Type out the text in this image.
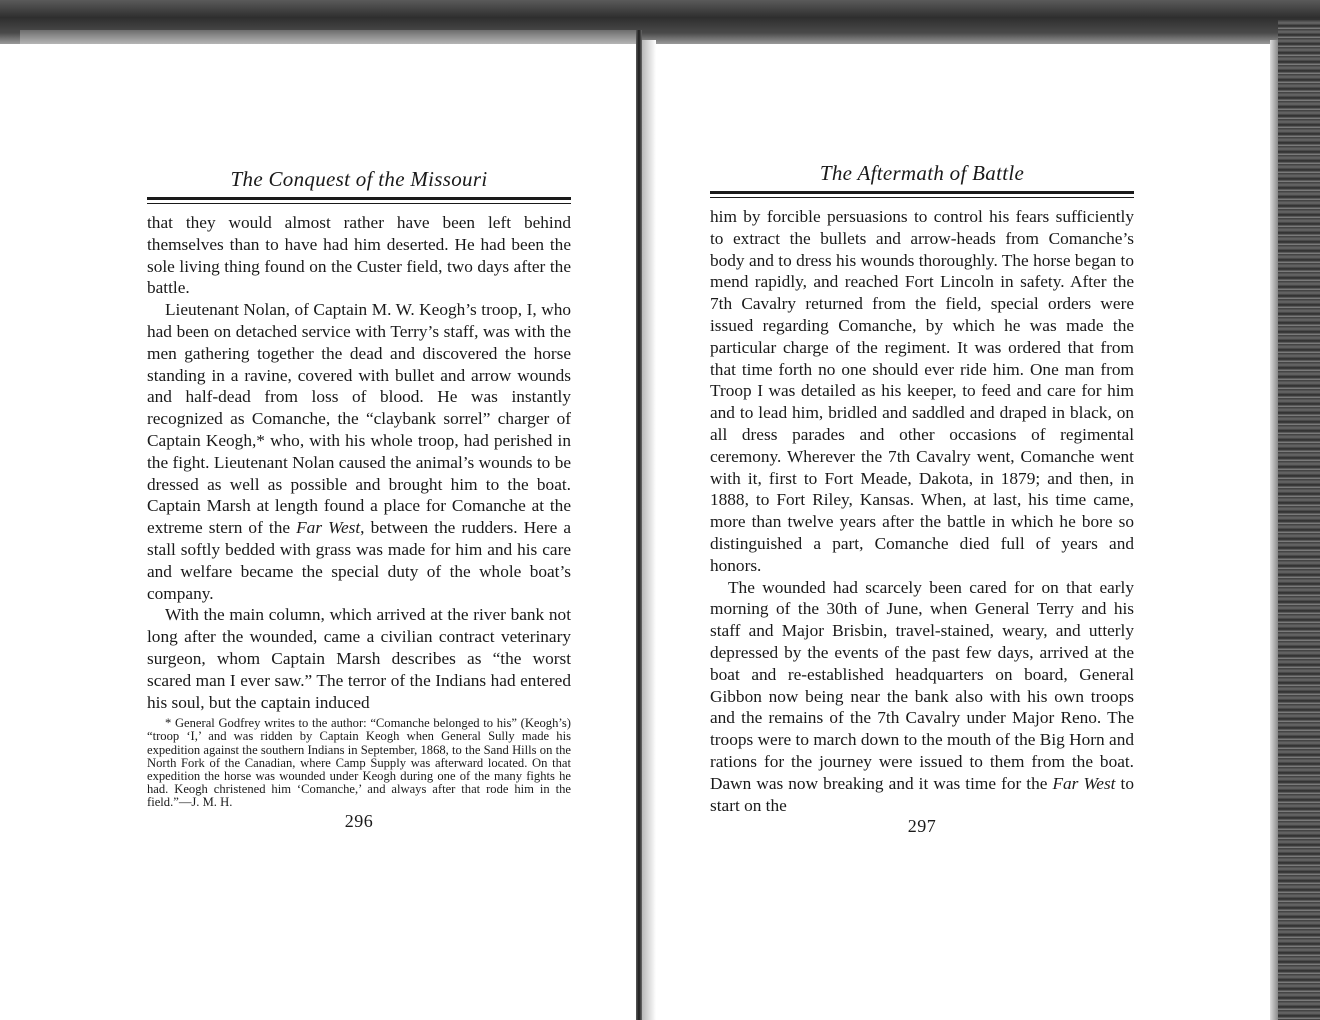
The Conquest of the Missouri

that they would almost rather have been left behind themselves than to have had him deserted. He had been the sole living thing found on the Custer field, two days after the battle.

Lieutenant Nolan, of Captain M. W. Keogh’s troop, I, who had been on detached service with Terry’s staff, was with the men gathering together the dead and discovered the horse standing in a ravine, covered with bullet and arrow wounds and half-dead from loss of blood. He was instantly recognized as Comanche, the “claybank sorrel” charger of Captain Keogh,* who, with his whole troop, had perished in the fight. Lieutenant Nolan caused the animal’s wounds to be dressed as well as possible and brought him to the boat. Captain Marsh at length found a place for Comanche at the extreme stern of the Far West, between the rudders. Here a stall softly bedded with grass was made for him and his care and welfare became the special duty of the whole boat’s company.

With the main column, which arrived at the river bank not long after the wounded, came a civilian contract veterinary surgeon, whom Captain Marsh describes as “the worst scared man I ever saw.” The terror of the Indians had entered his soul, but the captain induced

* General Godfrey writes to the author: “Comanche belonged to his” (Keogh’s) “troop ‘I,’ and was ridden by Captain Keogh when General Sully made his expedition against the southern Indians in September, 1868, to the Sand Hills on the North Fork of the Canadian, where Camp Supply was afterward located. On that expedition the horse was wounded under Keogh during one of the many fights he had. Keogh christened him ‘Comanche,’ and always after that rode him in the field.”—J. M. H.

296
The Aftermath of Battle

him by forcible persuasions to control his fears sufficiently to extract the bullets and arrow-heads from Comanche’s body and to dress his wounds thoroughly. The horse began to mend rapidly, and reached Fort Lincoln in safety. After the 7th Cavalry returned from the field, special orders were issued regarding Comanche, by which he was made the particular charge of the regiment. It was ordered that from that time forth no one should ever ride him. One man from Troop I was detailed as his keeper, to feed and care for him and to lead him, bridled and saddled and draped in black, on all dress parades and other occasions of regimental ceremony. Wherever the 7th Cavalry went, Comanche went with it, first to Fort Meade, Dakota, in 1879; and then, in 1888, to Fort Riley, Kansas. When, at last, his time came, more than twelve years after the battle in which he bore so distinguished a part, Comanche died full of years and honors.

The wounded had scarcely been cared for on that early morning of the 30th of June, when General Terry and his staff and Major Brisbin, travel-stained, weary, and utterly depressed by the events of the past few days, arrived at the boat and re-established headquarters on board, General Gibbon now being near the bank also with his own troops and the remains of the 7th Cavalry under Major Reno. The troops were to march down to the mouth of the Big Horn and rations for the journey were issued to them from the boat. Dawn was now breaking and it was time for the Far West to start on the

297
